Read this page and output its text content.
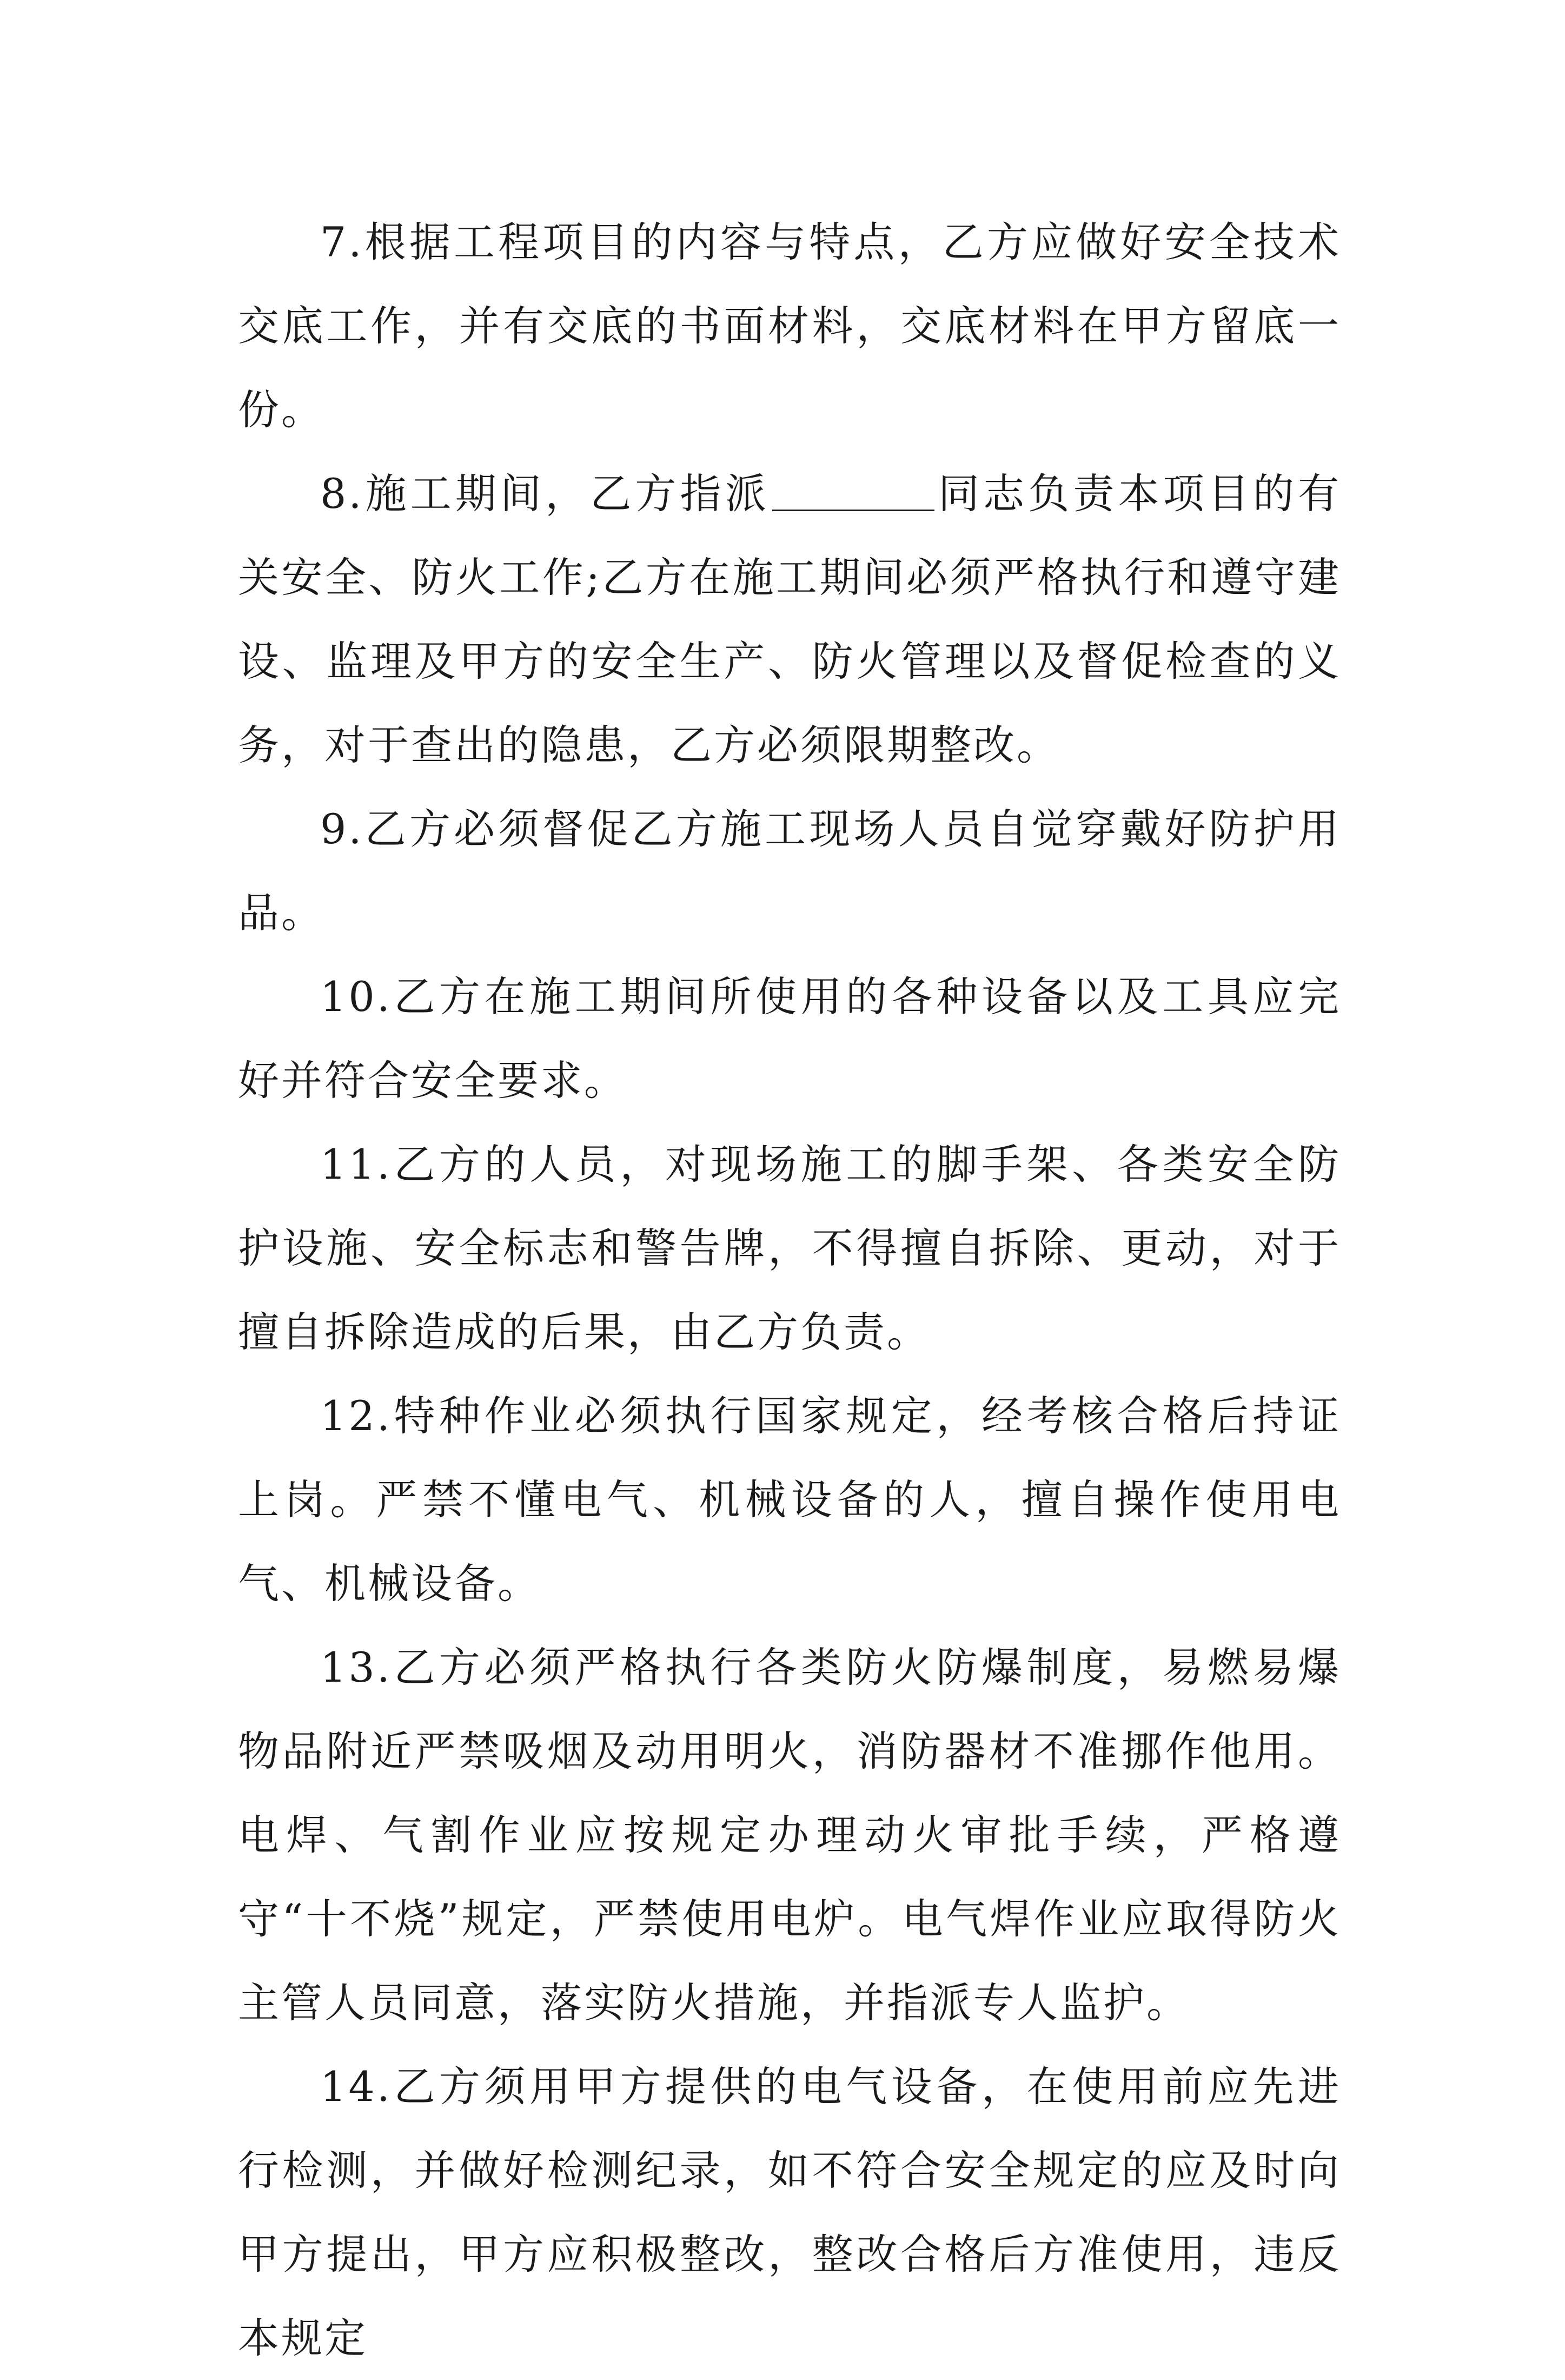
7.根据工程项目的内容与特点，乙方应做好安全技术交底工作，并有交底的书面材料，交底材料在甲方留底一份。

8.施工期间，乙方指派	同志负责本项目的有关安全、防火工作;乙方在施工期间必须严格执行和遵守建设、监理及甲方的安全生产、防火管理以及督促检查的义务，对于查出的隐患，乙方必须限期整改。

9.乙方必须督促乙方施工现场人员自觉穿戴好防护用品。

10.乙方在施工期间所使用的各种设备以及工具应完好并符合安全要求。

11.乙方的人员，对现场施工的脚手架、各类安全防护设施、安全标志和警告牌，不得擅自拆除、更动，对于擅自拆除造成的后果，由乙方负责。

12.特种作业必须执行国家规定，经考核合格后持证上岗。严禁不懂电气、机械设备的人，擅自操作使用电气、机械设备。

13.乙方必须严格执行各类防火防爆制度，易燃易爆物品附近严禁吸烟及动用明火，消防器材不准挪作他用。电焊、气割作业应按规定办理动火审批手续，严格遵守“十不烧”规定，严禁使用电炉。电气焊作业应取得防火主管人员同意，落实防火措施，并指派专人监护。

14.乙方须用甲方提供的电气设备，在使用前应先进行检测，并做好检测纪录，如不符合安全规定的应及时向甲方提出，甲方应积极整改，整改合格后方准使用，违反本规定
